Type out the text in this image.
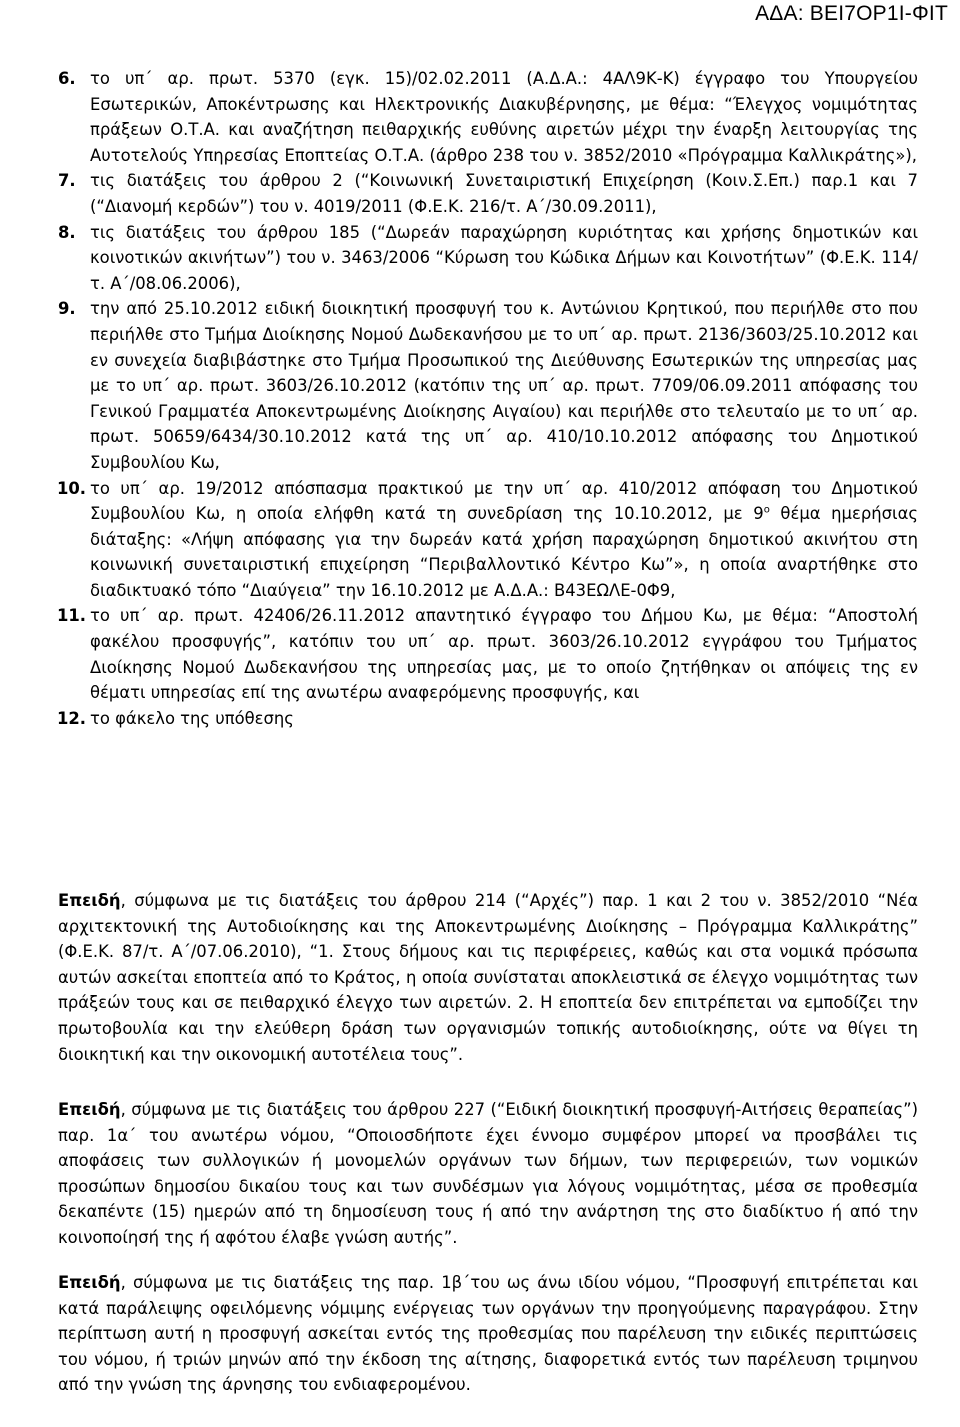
ΑΔΑ: ΒΕΙ7ΟΡ1Ι-ΦΙΤ
6. το υπ΄ αρ. πρωτ. 5370 (εγκ. 15)/02.02.2011 (Α.Δ.Α.: 4ΑΛ9Κ-Κ) έγγραφο του Υπουργείου Εσωτερικών, Αποκέντρωσης και Ηλεκτρονικής Διακυβέρνησης, με θέμα: “Έλεγχος νομιμότητας πράξεων Ο.Τ.Α. και αναζήτηση πειθαρχικής ευθύνης αιρετών μέχρι την έναρξη λειτουργίας της Αυτοτελούς Υπηρεσίας Εποπτείας Ο.Τ.Α. (άρθρο 238 του ν. 3852/2010 «Πρόγραμμα Καλλικράτης»),
7. τις διατάξεις του άρθρου 2 (“Κοινωνική Συνεταιριστική Επιχείρηση (Κοιν.Σ.Επ.) παρ.1 και 7 (“Διανομή κερδών”) του ν. 4019/2011 (Φ.Ε.Κ. 216/τ. Α΄/30.09.2011),
8. τις διατάξεις του άρθρου 185 (“Δωρεάν παραχώρηση κυριότητας και χρήσης δημοτικών και κοινοτικών ακινήτων”) του ν. 3463/2006 “Κύρωση του Κώδικα Δήμων και Κοινοτήτων” (Φ.Ε.Κ. 114/τ. Α΄/08.06.2006),
9. την από 25.10.2012 ειδική διοικητική προσφυγή του κ. Αντώνιου Κρητικού, που περιήλθε στο που περιήλθε στο Τμήμα Διοίκησης Νομού Δωδεκανήσου με το υπ΄ αρ. πρωτ. 2136/3603/25.10.2012 και εν συνεχεία διαβιβάστηκε στο Τμήμα Προσωπικού της Διεύθυνσης Εσωτερικών της υπηρεσίας μας με το υπ΄ αρ. πρωτ. 3603/26.10.2012 (κατόπιν της υπ΄ αρ. πρωτ. 7709/06.09.2011 απόφασης του Γενικού Γραμματέα Αποκεντρωμένης Διοίκησης Αιγαίου) και περιήλθε στο τελευταίο με το υπ΄ αρ. πρωτ. 50659/6434/30.10.2012 κατά της υπ΄ αρ. 410/10.10.2012 απόφασης του Δημοτικού Συμβουλίου Κω,
10. το υπ΄ αρ. 19/2012 απόσπασμα πρακτικού με την υπ΄ αρ. 410/2012 απόφαση του Δημοτικού Συμβουλίου Κω, η οποία ελήφθη κατά τη συνεδρίαση της 10.10.2012, με $9^o$ θέμα ημερήσιας διάταξης: «Λήψη απόφασης για την δωρεάν κατά χρήση παραχώρηση δημοτικού ακινήτου στη κοινωνική συνεταιριστική επιχείρηση “Περιβαλλοντικό Κέντρο Κω”», η οποία αναρτήθηκε στο διαδικτυακό τόπο “Διαύγεια” την 16.10.2012 με Α.Δ.Α.: Β43ΕΩΛΕ-0Φ9,
11. το υπ΄ αρ. πρωτ. 42406/26.11.2012 απαντητικό έγγραφο του Δήμου Κω, με θέμα: “Αποστολή φακέλου προσφυγής”, κατόπιν του υπ΄ αρ. πρωτ. 3603/26.10.2012 εγγράφου του Τμήματος Διοίκησης Νομού Δωδεκανήσου της υπηρεσίας μας, με το οποίο ζητήθηκαν οι απόψεις της εν θέματι υπηρεσίας επί της ανωτέρω αναφερόμενης προσφυγής, και
12. το φάκελο της υπόθεσης
Επειδή, σύμφωνα με τις διατάξεις του άρθρου 214 (“Αρχές”) παρ. 1 και 2 του ν. 3852/2010 “Νέα αρχιτεκτονική της Αυτοδιοίκησης και της Αποκεντρωμένης Διοίκησης – Πρόγραμμα Καλλικράτης” (Φ.Ε.Κ. 87/τ. Α΄/07.06.2010), “1. Στους δήμους και τις περιφέρειες, καθώς και στα νομικά πρόσωπα αυτών ασκείται εποπτεία από το Κράτος, η οποία συνίσταται αποκλειστικά σε έλεγχο νομιμότητας των πράξεών τους και σε πειθαρχικό έλεγχο των αιρετών. 2. Η εποπτεία δεν επιτρέπεται να εμποδίζει την πρωτοβουλία και την ελεύθερη δράση των οργανισμών τοπικής αυτοδιοίκησης, ούτε να θίγει τη διοικητική και την οικονομική αυτοτέλεια τους”.
Επειδή, σύμφωνα με τις διατάξεις του άρθρου 227 (“Ειδική διοικητική προσφυγή-Αιτήσεις θεραπείας”) παρ. 1α΄ του ανωτέρω νόμου, “Οποιοσδήποτε έχει έννομο συμφέρον μπορεί να προσβάλει τις αποφάσεις των συλλογικών ή μονομελών οργάνων των δήμων, των περιφερειών, των νομικών προσώπων δημοσίου δικαίου τους και των συνδέσμων για λόγους νομιμότητας, μέσα σε προθεσμία δεκαπέντε (15) ημερών από τη δημοσίευση τους ή από την ανάρτηση της στο διαδίκτυο ή από την κοινοποίησή της ή αφότου έλαβε γνώση αυτής”.
Επειδή, σύμφωνα με τις διατάξεις της παρ. 1β΄του ως άνω ιδίου νόμου, “Προσφυγή επιτρέπεται και κατά παράλειψης οφειλόμενης νόμιμης ενέργειας των οργάνων την προηγούμενης παραγράφου. Στην περίπτωση αυτή η προσφυγή ασκείται εντός της προθεσμίας που παρέλευση την ειδικές περιπτώσεις του νόμου, ή τριών μηνών από την έκδοση της αίτησης, διαφορετικά εντός των παρέλευση τριμηνου από την γνώση της άρνησης του ενδιαφερομένου.
